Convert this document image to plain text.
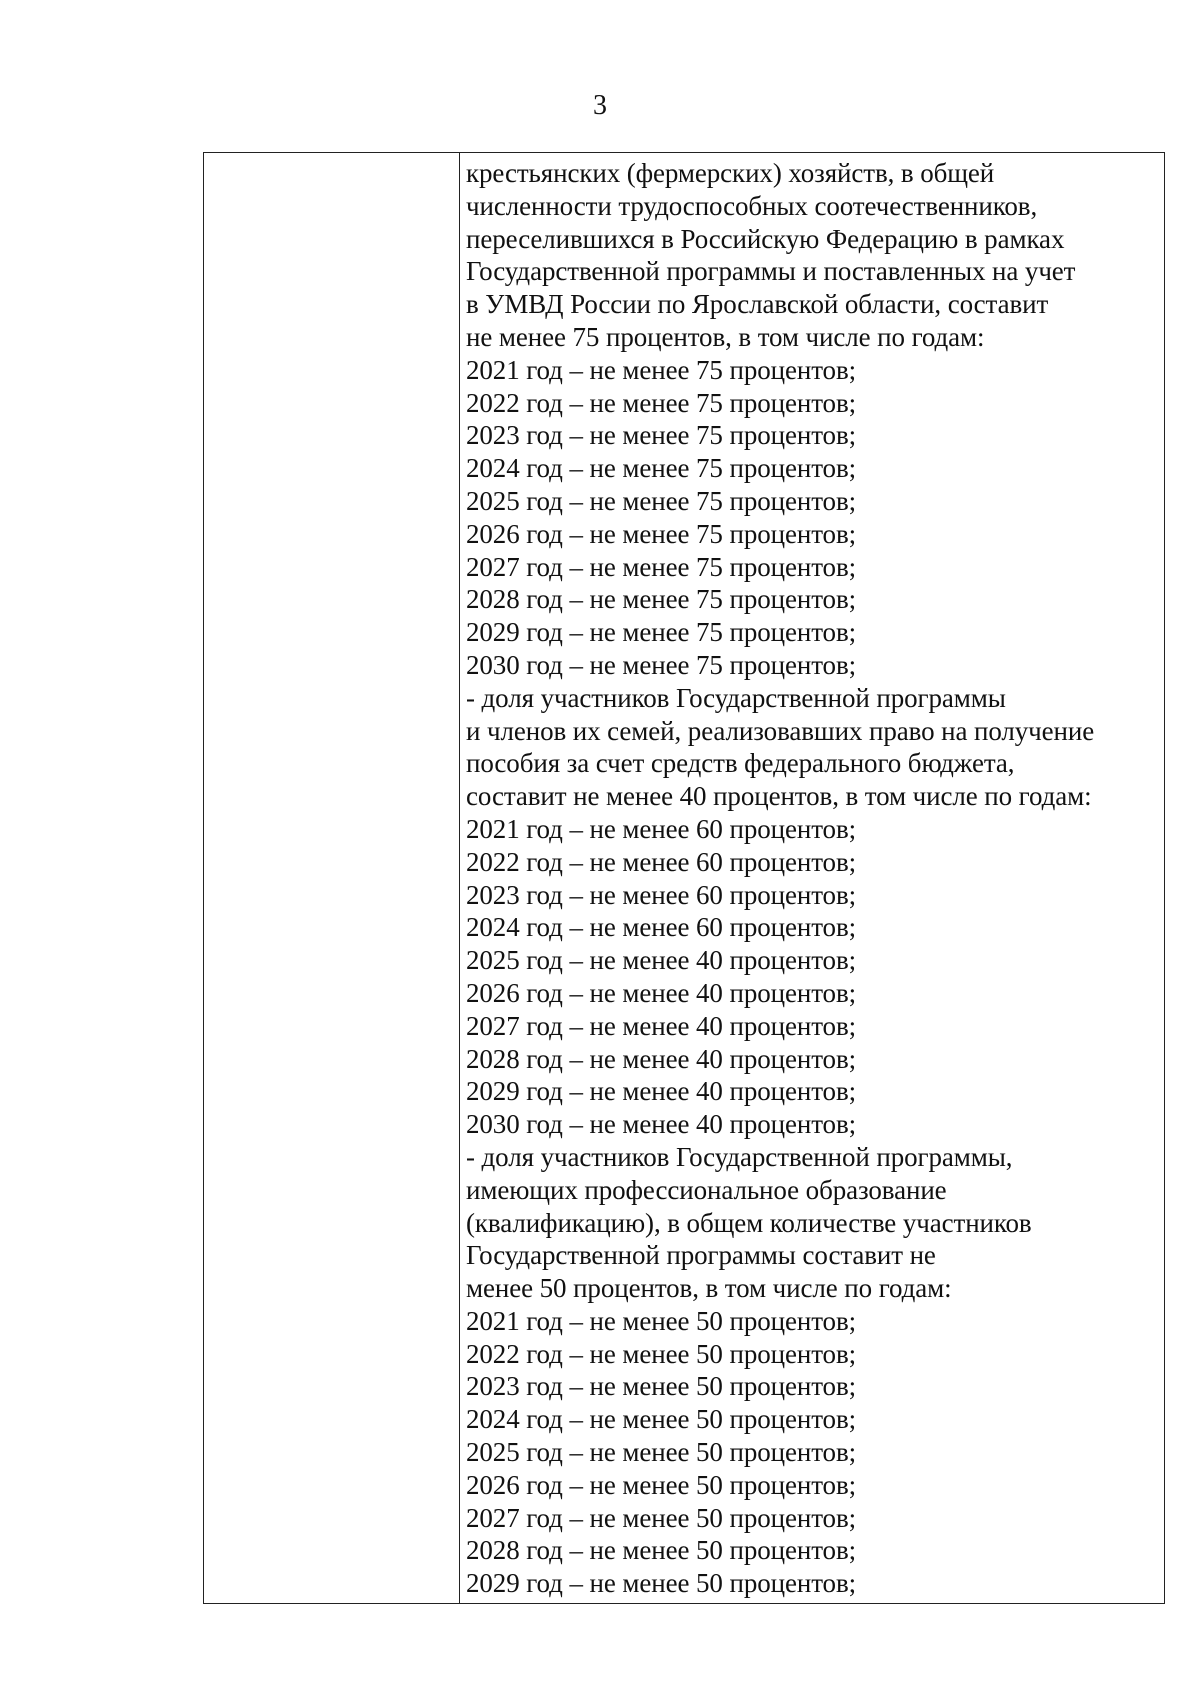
3
крестьянских (фермерских) хозяйств, в общей
численности трудоспособных соотечественников,
переселившихся в Российскую Федерацию в рамках
Государственной программы и поставленных на учет
в УМВД России по Ярославской области, составит
не менее 75 процентов, в том числе по годам:
2021 год – не менее 75 процентов;
2022 год – не менее 75 процентов;
2023 год – не менее 75 процентов;
2024 год – не менее 75 процентов;
2025 год – не менее 75 процентов;
2026 год – не менее 75 процентов;
2027 год – не менее 75 процентов;
2028 год – не менее 75 процентов;
2029 год – не менее 75 процентов;
2030 год – не менее 75 процентов;
- доля участников Государственной программы
и членов их семей, реализовавших право на получение
пособия за счет средств федерального бюджета,
составит не менее 40 процентов, в том числе по годам:
2021 год – не менее 60 процентов;
2022 год – не менее 60 процентов;
2023 год – не менее 60 процентов;
2024 год – не менее 60 процентов;
2025 год – не менее 40 процентов;
2026 год – не менее 40 процентов;
2027 год – не менее 40 процентов;
2028 год – не менее 40 процентов;
2029 год – не менее 40 процентов;
2030 год – не менее 40 процентов;
- доля участников Государственной программы,
имеющих профессиональное образование
(квалификацию), в общем количестве участников
Государственной программы составит не
менее 50 процентов, в том числе по годам:
2021 год – не менее 50 процентов;
2022 год – не менее 50 процентов;
2023 год – не менее 50 процентов;
2024 год – не менее 50 процентов;
2025 год – не менее 50 процентов;
2026 год – не менее 50 процентов;
2027 год – не менее 50 процентов;
2028 год – не менее 50 процентов;
2029 год – не менее 50 процентов;
